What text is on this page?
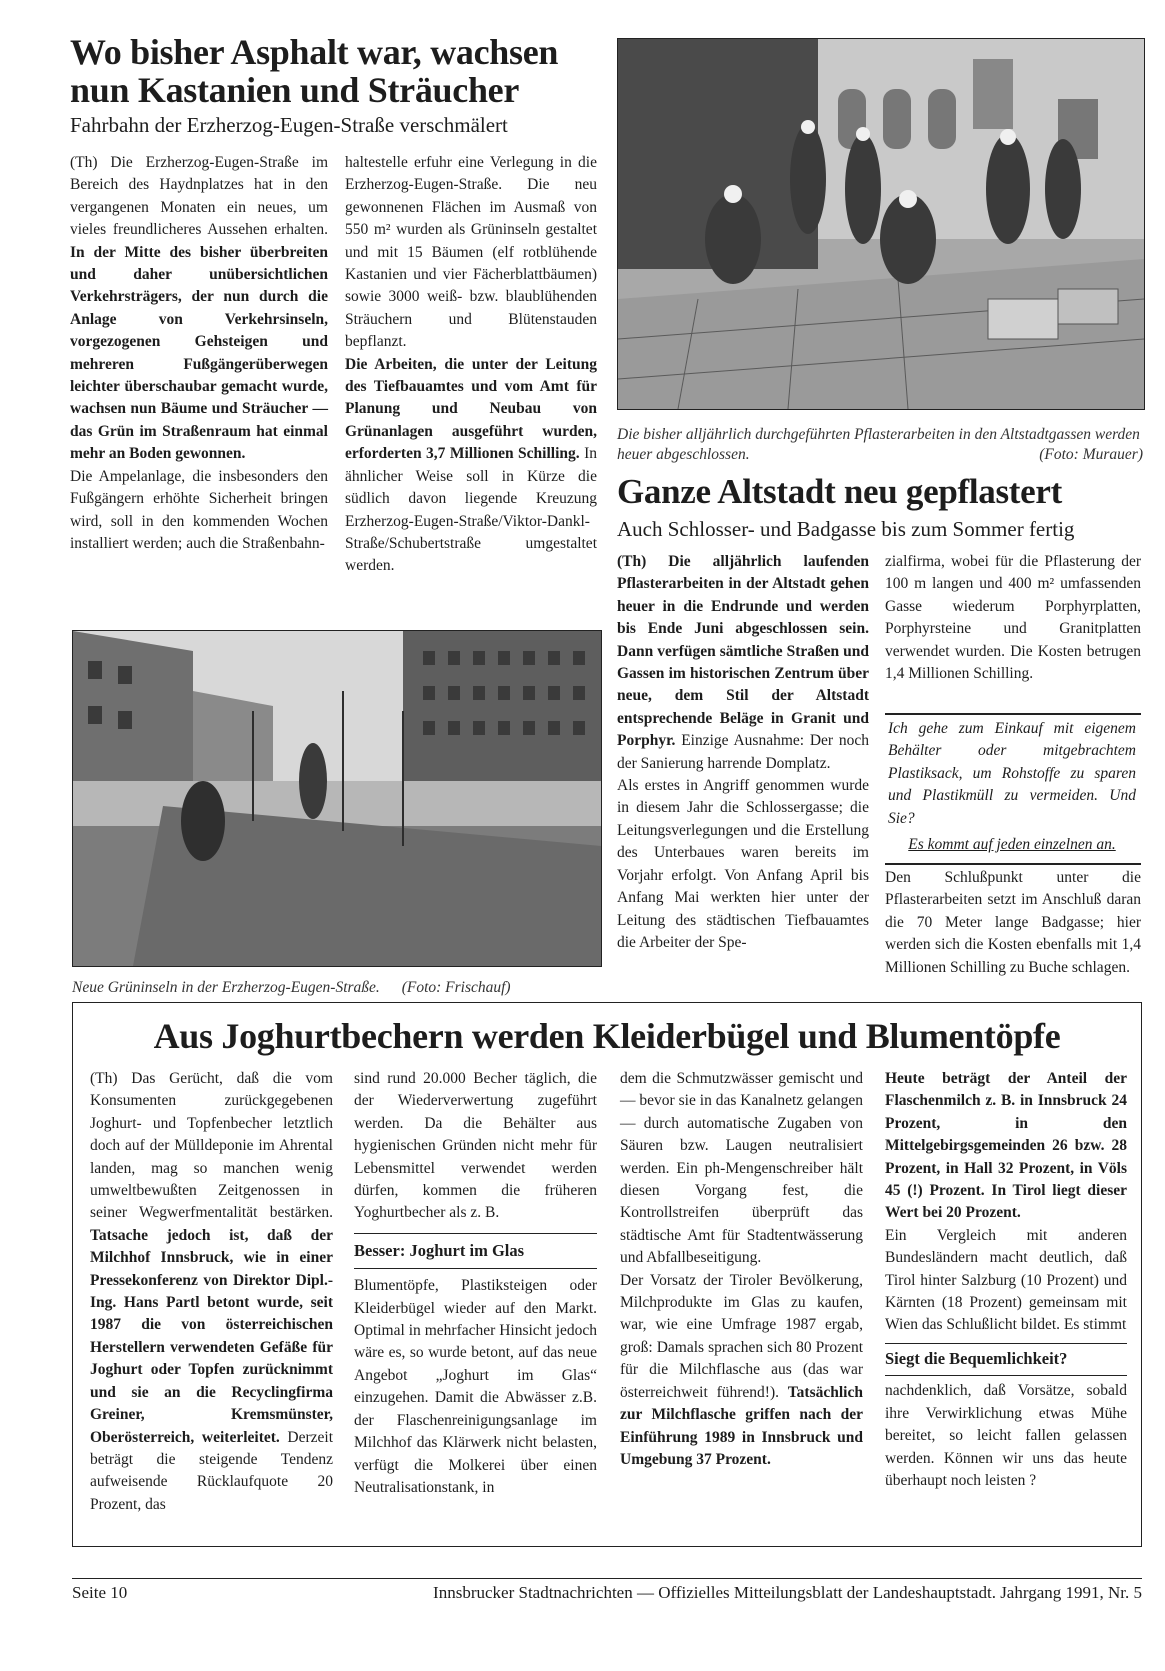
Wo bisher Asphalt war, wachsen
nun Kastanien und Sträucher
Fahrbahn der Erzherzog-Eugen-Straße verschmälert

(Th) Die Erzherzog-Eugen-Straße im Bereich des Haydnplatzes hat in den vergangenen Monaten ein neues, um vieles freundlicheres Aussehen erhalten. In der Mitte des bisher überbreiten und daher unübersichtlichen Verkehrsträgers, der nun durch die Anlage von Verkehrsinseln, vorgezogenen Gehsteigen und mehreren Fußgängerüberwegen leichter überschaubar gemacht wurde, wachsen nun Bäume und Sträucher — das Grün im Straßenraum hat einmal mehr an Boden gewonnen.

Die Ampelanlage, die insbesonders den Fußgängern erhöhte Sicherheit bringen wird, soll in den kommenden Wochen installiert werden; auch die Straßenbahn-

haltestelle erfuhr eine Verlegung in die Erzherzog-Eugen-Straße. Die neu gewonnenen Flächen im Ausmaß von 550 m² wurden als Grüninseln gestaltet und mit 15 Bäumen (elf rotblühende Kastanien und vier Fächerblattbäumen) sowie 3000 weiß- bzw. blaublühenden Sträuchern und Blütenstauden bepflanzt.

Die Arbeiten, die unter der Leitung des Tiefbauamtes und vom Amt für Planung und Neubau von Grünanlagen ausgeführt wurden, erforderten 3,7 Millionen Schilling. In ähnlicher Weise soll in Kürze die südlich davon liegende Kreuzung Erzherzog-Eugen-Straße/Viktor-Dankl-Straße/Schubertstraße umgestaltet werden.

Neue Grüninseln in der Erzherzog-Eugen-Straße. (Foto: Frischauf)
Die bisher alljährlich durchgeführten Pflasterarbeiten in den Altstadtgassen werden heuer abgeschlossen.	(Foto: Murauer)
Ganze Altstadt neu gepflastert
Auch Schlosser- und Badgasse bis zum Sommer fertig

(Th) Die alljährlich laufenden Pflasterarbeiten in der Altstadt gehen heuer in die Endrunde und werden bis Ende Juni abgeschlossen sein. Dann verfügen sämtliche Straßen und Gassen im historischen Zentrum über neue, dem Stil der Altstadt entsprechende Beläge in Granit und Porphyr. Einzige Ausnahme: Der noch der Sanierung harrende Domplatz.

Als erstes in Angriff genommen wurde in diesem Jahr die Schlossergasse; die Leitungsverlegungen und die Erstellung des Unterbaues waren bereits im Vorjahr erfolgt. Von Anfang April bis Anfang Mai werkten hier unter der Leitung des städtischen Tiefbauamtes die Arbeiter der Spe-

zialfirma, wobei für die Pflasterung der 100 m langen und 400 m² umfassenden Gasse wiederum Porphyrplatten, Porphyrsteine und Granitplatten verwendet wurden. Die Kosten betrugen 1,4 Millionen Schilling.

Ich gehe zum Einkauf mit eigenem Behälter oder mitgebrachtem Plastiksack, um Rohstoffe zu sparen und Plastikmüll zu vermeiden. Und Sie?

Es kommt auf jeden einzelnen an.

Den Schlußpunkt unter die Pflasterarbeiten setzt im Anschluß daran die 70 Meter lange Badgasse; hier werden sich die Kosten ebenfalls mit 1,4 Millionen Schilling zu Buche schlagen.

Aus Joghurtbechern werden Kleiderbügel und Blumentöpfe

(Th) Das Gerücht, daß die vom Konsumenten zurückgegebenen Joghurt- und Topfenbecher letztlich doch auf der Mülldeponie im Ahrental landen, mag so manchen wenig umweltbewußten Zeitgenossen in seiner Wegwerfmentalität bestärken. Tatsache jedoch ist, daß der Milchhof Innsbruck, wie in einer Pressekonferenz von Direktor Dipl.-Ing. Hans Partl betont wurde, seit 1987 die von österreichischen Herstellern verwendeten Gefäße für Joghurt oder Topfen zurücknimmt und sie an die Recyclingfirma Greiner, Kremsmünster, Oberösterreich, weiterleitet. Derzeit beträgt die steigende Tendenz aufweisende Rücklaufquote 20 Prozent, das

sind rund 20.000 Becher täglich, die der Wiederverwertung zugeführt werden. Da die Behälter aus hygienischen Gründen nicht mehr für Lebensmittel verwendet werden dürfen, kommen die früheren Yoghurtbecher als z. B.

Besser: Joghurt im Glas

Blumentöpfe, Plastiksteigen oder Kleiderbügel wieder auf den Markt. Optimal in mehrfacher Hinsicht jedoch wäre es, so wurde betont, auf das neue Angebot „Joghurt im Glas“ einzugehen. Damit die Abwässer z.B. der Flaschenreinigungsanlage im Milchhof das Klärwerk nicht belasten, verfügt die Molkerei über einen Neutralisationstank, in

dem die Schmutzwässer gemischt und — bevor sie in das Kanalnetz gelangen — durch automatische Zugaben von Säuren bzw. Laugen neutralisiert werden. Ein ph-Mengenschreiber hält diesen Vorgang fest, die Kontrollstreifen überprüft das städtische Amt für Stadtentwässerung und Abfallbeseitigung.

Der Vorsatz der Tiroler Bevölkerung, Milchprodukte im Glas zu kaufen, war, wie eine Umfrage 1987 ergab, groß: Damals sprachen sich 80 Prozent für die Milchflasche aus (das war österreichweit führend!). Tatsächlich zur Milchflasche griffen nach der Einführung 1989 in Innsbruck und Umgebung 37 Prozent.

Heute beträgt der Anteil der Flaschenmilch z. B. in Innsbruck 24 Prozent, in den Mittelgebirgsgemeinden 26 bzw. 28 Prozent, in Hall 32 Prozent, in Völs 45 (!) Prozent. In Tirol liegt dieser Wert bei 20 Prozent.

Ein Vergleich mit anderen Bundesländern macht deutlich, daß Tirol hinter Salzburg (10 Prozent) und Kärnten (18 Prozent) gemeinsam mit Wien das Schlußlicht bildet. Es stimmt

Siegt die Bequemlichkeit?

nachdenklich, daß Vorsätze, sobald ihre Verwirklichung etwas Mühe bereitet, so leicht fallen gelassen werden. Können wir uns das heute überhaupt noch leisten ?

Seite 10	Innsbrucker Stadtnachrichten — Offizielles Mitteilungsblatt der Landeshauptstadt. Jahrgang 1991, Nr. 5
